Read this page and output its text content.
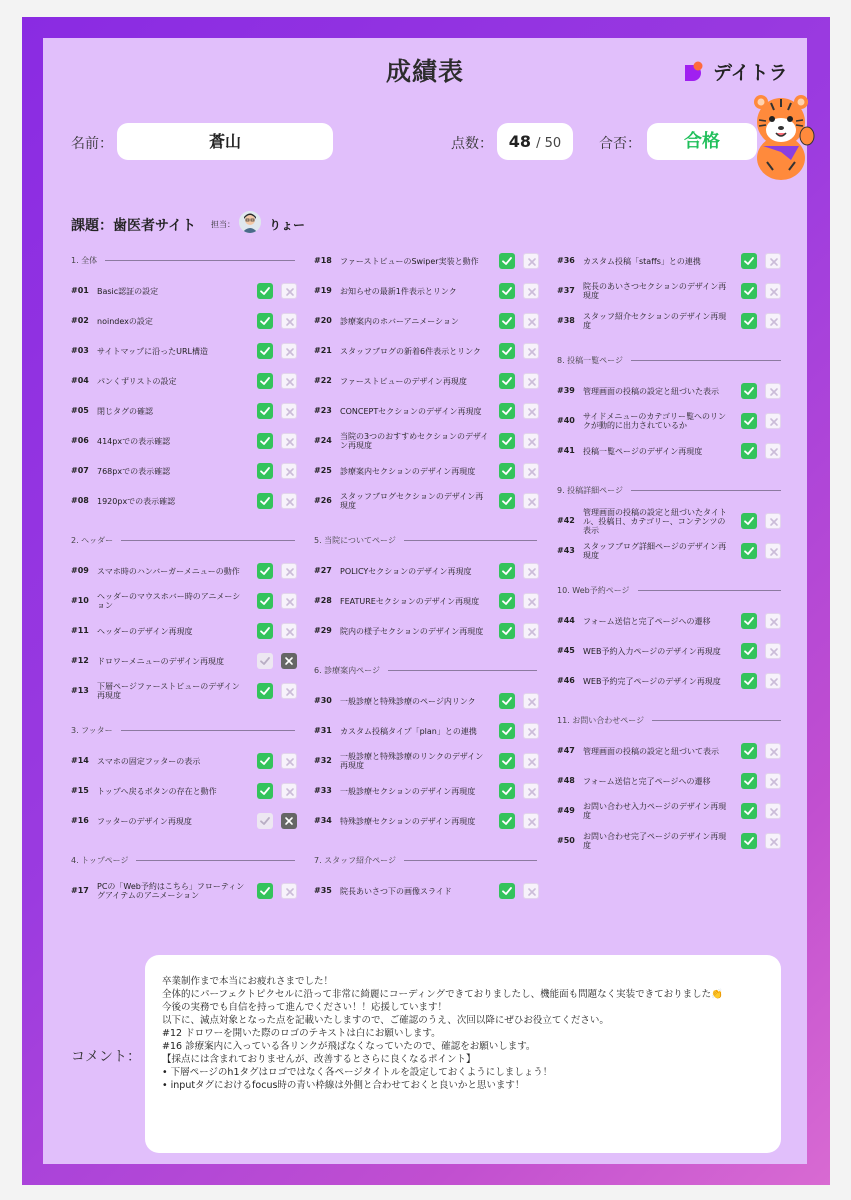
成績表	デイトラ
名前：	蒼山	点数： 48 / 50	合否：	合格
課題：歯医者サイト 担当：	りょー
1. 全体
#01 Basic認証の設定
#02 noindexの設定
#03 サイトマップに沿ったURL構造
#04 パンくずリストの設定
#05 閉じタグの確認
#06 414pxでの表示確認
#07 768pxでの表示確認
#08 1920pxでの表示確認
2. ヘッダー
#09 スマホ時のハンバーガーメニューの動作
#10 ヘッダーのマウスホバー時のアニメーション
#11 ヘッダーのデザイン再現度
#12 ドロワーメニューのデザイン再現度
#13 下層ページファーストビューのデザイン再現度
3. フッター
#14 スマホの固定フッターの表示
#15 トップへ戻るボタンの存在と動作
#16 フッターのデザイン再現度
4. トップページ
#17 PCの「Web予約はこちら」フローティングアイテムのアニメーション
#18 ファーストビューのSwiper実装と動作
#19 お知らせの最新1件表示とリンク
#20 診療案内のホバーアニメーション
#21 スタッフブログの新着6件表示とリンク
#22 ファーストビューのデザイン再現度
#23 CONCEPTセクションのデザイン再現度
#24 当院の3つのおすすめセクションのデザイン再現度
#25 診療案内セクションのデザイン再現度
#26 スタッフブログセクションのデザイン再現度
5. 当院についてページ
#27 POLICYセクションのデザイン再現度
#28 FEATUREセクションのデザイン再現度
#29 院内の様子セクションのデザイン再現度
6. 診療案内ページ
#30 一般診療と特殊診療のページ内リンク
#31 カスタム投稿タイプ「plan」との連携
#32 一般診療と特殊診療のリンクのデザイン再現度
#33 一般診療セクションのデザイン再現度
#34 特殊診療セクションのデザイン再現度
7. スタッフ紹介ページ
#35 院長あいさつ下の画像スライド
#36 カスタム投稿「staffs」との連携
#37 院長のあいさつセクションのデザイン再現度
#38 スタッフ紹介セクションのデザイン再現度
8. 投稿一覧ページ
#39 管理画面の投稿の設定と紐づいた表示
#40 サイドメニューのカテゴリー覧へのリンクが動的に出力されているか
#41 投稿一覧ページのデザイン再現度
9. 投稿詳細ページ
#42
管理画面の投稿の設定と紐づいたタイトル、投稿日、カテゴリー、コンテンツの表示
#43 スタッフブログ詳細ページのデザイン再現度
10. Web予約ページ
#44 フォーム送信と完了ページへの遷移
#45 WEB予約入力ページのデザイン再現度
#46 WEB予約完了ページのデザイン再現度
11. お問い合わせページ
#47 管理画面の投稿の設定と紐づいて表示
#48 フォーム送信と完了ページへの遷移
#49 お問い合わせ入力ページのデザイン再現度
#50 お問い合わせ完了ページのデザイン再現度
コメント：

卒業制作まで本当にお疲れさまでした！

全体的にパーフェクトピクセルに沿って非常に綺麗にコーディングできておりましたし、機能面も問題なく実装できておりました👏

今後の実務でも自信を持って進んでください！！応援しています！

以下に、減点対象となった点を記載いたしますので、ご確認のうえ、次回以降にぜひお役立てください。

#12 ドロワーを開いた際のロゴのテキストは白にお願いします。

#16 診療案内に入っている各リンクが飛ばなくなっていたので、確認をお願いします。

【採点には含まれておりませんが、改善するとさらに良くなるポイント】

• 下層ページのh1タグはロゴではなく各ページタイトルを設定しておくようにしましょう！

• inputタグにおけるfocus時の青い枠線は外側と合わせておくと良いかと思います！
